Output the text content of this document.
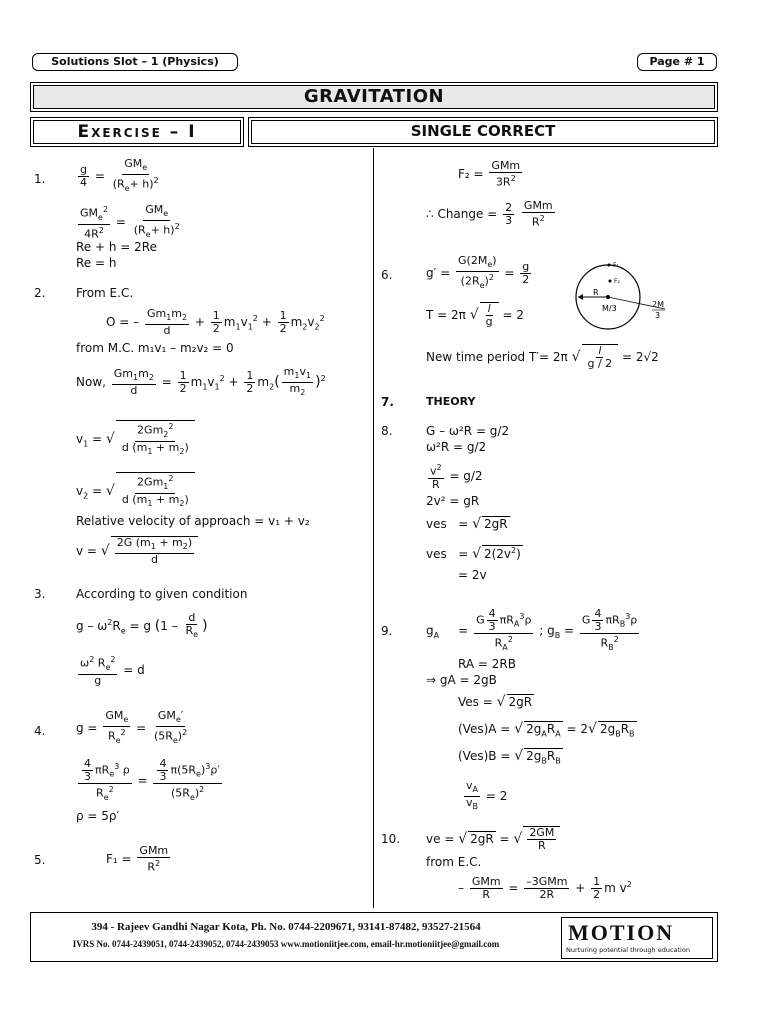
Solutions Slot – 1 (Physics)	Page # 1
GRAVITATION
Exercise – I	SINGLE CORRECT
1.	$\frac{g}{4} = \frac{GM_e}{(R_e+ h)^2}$
$\frac{GM_e^2}{4R^2} = \frac{GM_e}{(R_e+ h)^2}$
Re + h = 2Re
Re = h
2.	From E.C.
O = – $\frac{Gm_1m_2}{d} + \frac{1}{2} m_1v_1^2 + \frac{1}{2} m_2v_2^2$
from M.C. m₁v₁ – m₂v₂ = 0
Now, $\frac{Gm_1m_2}{d} = \frac{1}{2} m_1v_1^2 + \frac{1}{2} m_2( \frac{m_1v_1}{m_2} )^2$
$v_1$ = √ $\frac{2Gm_2^2}{d (m_1 + m_2)}$
$v_2$ = √ $\frac{2Gm_1^2}{d (m_1 + m_2)}$
Relative velocity of approach = v₁ + v₂
v = √ $\frac{2G (m_1 + m_2)}{d}$
3.	According to given condition
$g - \omega^2R_e = g$ ($1 - \frac{d}{R_e}$ )
$\frac{\omega^2 R_e^2}{g} = d$
4.	$g = \frac{GM_e}{R_e^2} = \frac{GM_e'}{(5R_e)^2}$
$\frac{\frac{4}{3} \pi R_e^3 \rho}{R_e^2} = \frac{\frac{4}{3} \pi(5R_e)^3\rho'}{(5R_e)^2}$
ρ = 5ρ′
5.	$F_1 = \frac{\text{GMm}}{R^2}$
$F_2 = \frac{\text{GMm}}{3R^2}$
∴ Change = $\frac{2}{3}$
$\frac{\text{GMm}}{R^2}$
6.	$g' = \frac{G(2M_e)}{(2R_e)^2} = \frac{g}{2}$
T = 2π √ $\frac{l}{g} = 2$
New time period T′= 2π √ $\frac{l}{g / 2} = 2√2$
R
M/3
F₁
F₂
2M
3
7.	THEORY
8.	G – ω²R = g/2
ω²R = g/2
$\frac{v^2}{R} = g/2$
2v² = gR
ves   = √ 2gR
ves   = √ $2(2v^2)$
= 2v
9.	$g_A$     = $\frac{G \frac{4}{3} \pi R_A^3\rho}{R_A^2}$ ; $g_B = \frac{G \frac{4}{3} \pi R_B^3\rho}{R_B^2}$
RA = 2RB
⇒ gA = 2gB
Ves = √ 2gR
(Ves)A = √ $2g_AR_A = 2√$ $2g_BR_B$
(Ves)B = √ $2g_BR_B$
$\frac{v_A}{v_B} = 2$
10. ve = √ 2gR = √ $\frac{2GM}{R}$
from E.C.
– $\frac{\text{GMm}}{R} = \frac{\text{–3GMm}}{2R} + \frac{1}{2}$ m $v^2$
394 - Rajeev Gandhi Nagar Kota, Ph. No. 0744-2209671, 93141-87482, 93527-21564
IVRS No. 0744-2439051, 0744-2439052, 0744-2439053 www.motioniitjee.com, email-hr.motioniitjee@gmail.com	MOTION
Nurturing potential through education
